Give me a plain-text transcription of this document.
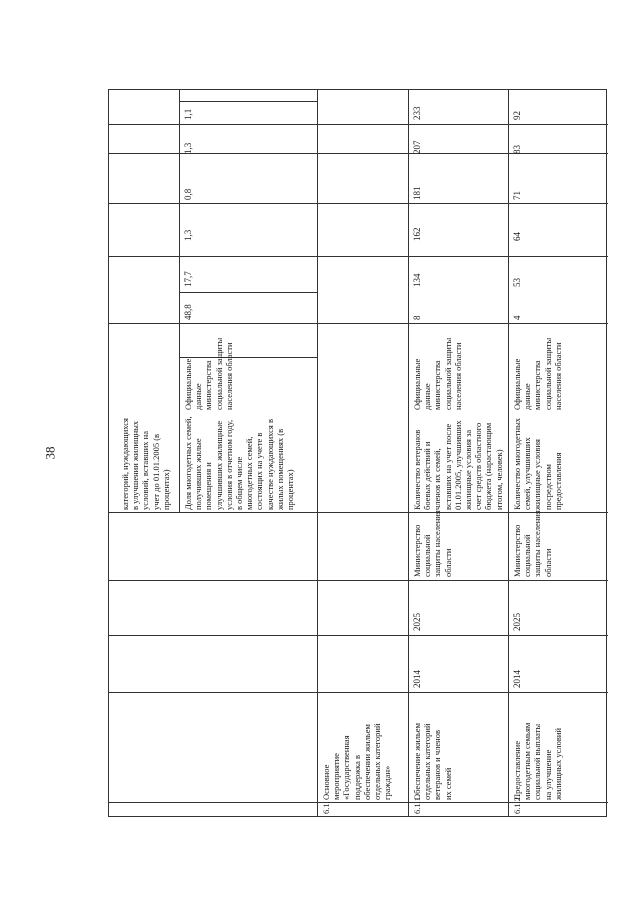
38	категорий, нуждающихся в улучшении жилищных условий, вставших на учет до 01.01.2005 (в процентах) Доля многодетных семей, получивших жилые помещения и улучшивших жилищные условия в отчетном году, в общем числе многодетных семей, состоящих на учете в качестве нуждающихся в жилых помещениях (в процентах)
Официальные данные министерства социальной защиты населения области
48,8
17,7
1,3
0,8
1,3
1,1
6.1.
Основное мероприятие «Государственная поддержка в обеспечении жильем отдельных категорий граждан»
6.1.1.
Обеспечение жильем отдельных категорий ветеранов и членов их семей
2014
2025
Министерство социальной защиты населения области
Количество ветеранов боевых действий и членов их семей, вставших на учет после 01.01.2005, улучшивших жилищные условия за счет средств областного бюджета (нарастающим итогом, человек)
Официальные данные министерства социальной защиты населения области
8
134
162
181
207
233
6.1.2.
Предоставление многодетным семьям социальной выплаты на улучшение жилищных условий
2014
2025
Министерство социальной защиты населения области
Количество многодетных семей, улучшивших жилищные условия посредством предоставления
Официальные данные министерства социальной защиты населения области
4
53
64
71
83
92
